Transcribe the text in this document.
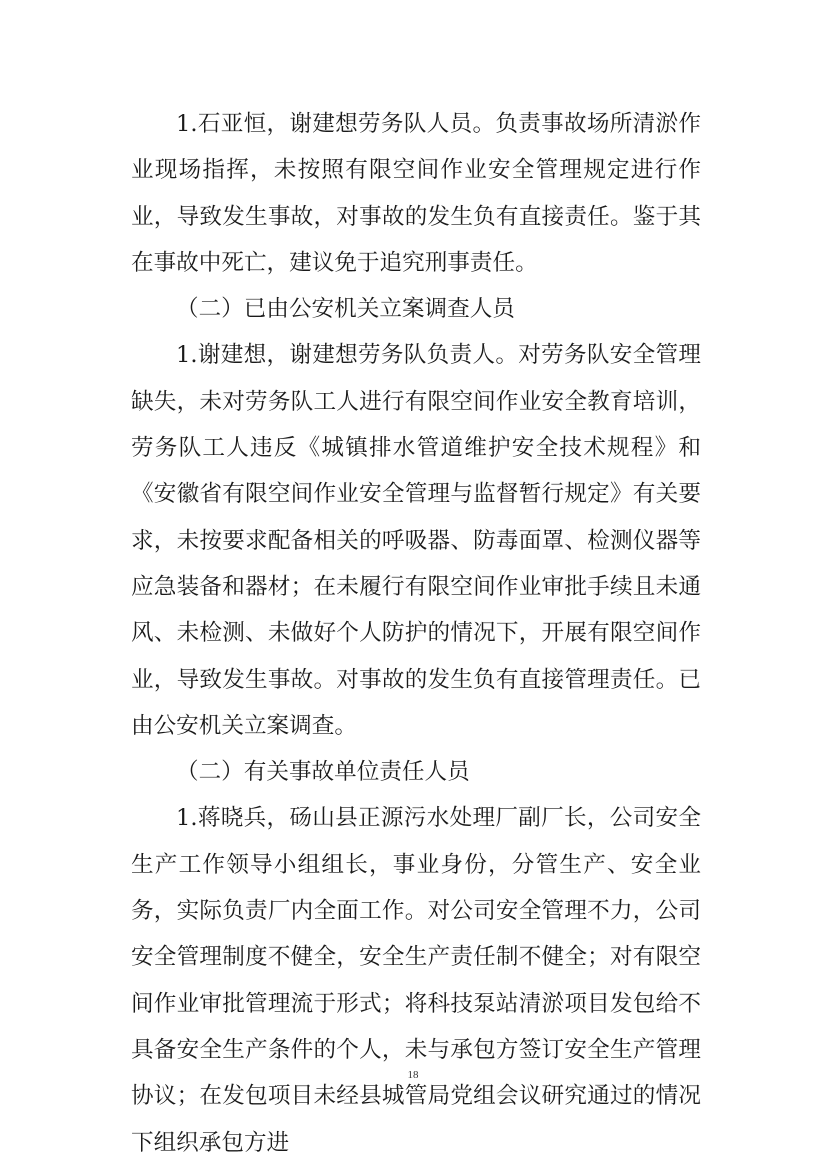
1.石亚恒，谢建想劳务队人员。负责事故场所清淤作业现场指挥，未按照有限空间作业安全管理规定进行作业，导致发生事故，对事故的发生负有直接责任。鉴于其在事故中死亡，建议免于追究刑事责任。

（二）已由公安机关立案调查人员

1.谢建想，谢建想劳务队负责人。对劳务队安全管理缺失，未对劳务队工人进行有限空间作业安全教育培训，劳务队工人违反《城镇排水管道维护安全技术规程》和《安徽省有限空间作业安全管理与监督暂行规定》有关要求，未按要求配备相关的呼吸器、防毒面罩、检测仪器等应急装备和器材；在未履行有限空间作业审批手续且未通风、未检测、未做好个人防护的情况下，开展有限空间作业，导致发生事故。对事故的发生负有直接管理责任。已由公安机关立案调查。

（二）有关事故单位责任人员

1.蒋晓兵，砀山县正源污水处理厂副厂长，公司安全生产工作领导小组组长，事业身份，分管生产、安全业务，实际负责厂内全面工作。对公司安全管理不力，公司安全管理制度不健全，安全生产责任制不健全；对有限空间作业审批管理流于形式；将科技泵站清淤项目发包给不具备安全生产条件的个人，未与承包方签订安全生产管理协议；在发包项目未经县城管局党组会议研究通过的情况下组织承包方进

18
